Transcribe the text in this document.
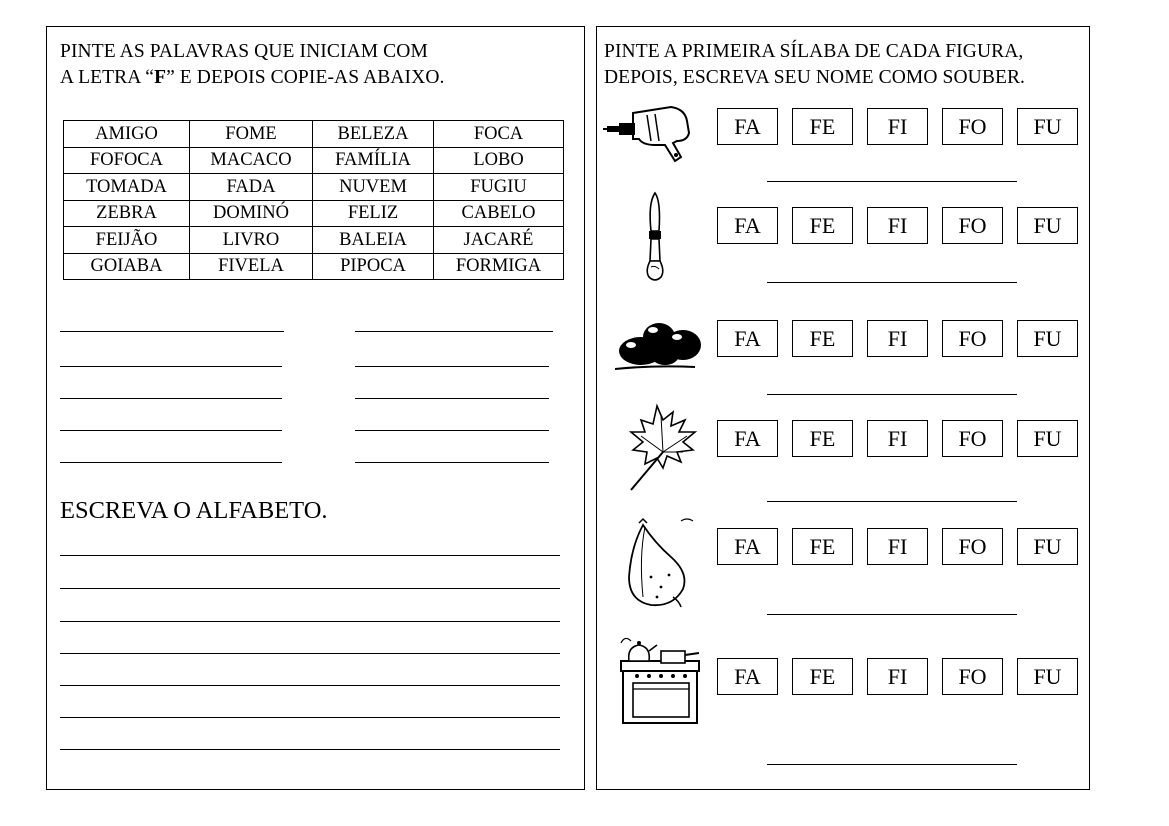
PINTE AS PALAVRAS QUE INICIAM COM
A LETRA “F” E DEPOIS COPIE-AS ABAIXO.

AMIGO	FOME	BELEZA	FOCA
FOFOCA	MACACO	FAMÍLIA	LOBO
TOMADA	FADA	NUVEM	FUGIU
ZEBRA	DOMINÓ	FELIZ	CABELO
FEIJÃO	LIVRO	BALEIA	JACARÉ
GOIABA	FIVELA	PIPOCA	FORMIGA

ESCREVA O ALFABETO.

PINTE A PRIMEIRA SÍLABA DE CADA FIGURA,
DEPOIS, ESCREVA SEU NOME COMO SOUBER.

FA	FE	FI	FO	FU
FA	FE	FI	FO	FU
FA	FE	FI	FO	FU
FA	FE	FI	FO	FU
FA	FE	FI	FO	FU
FA	FE	FI	FO	FU
